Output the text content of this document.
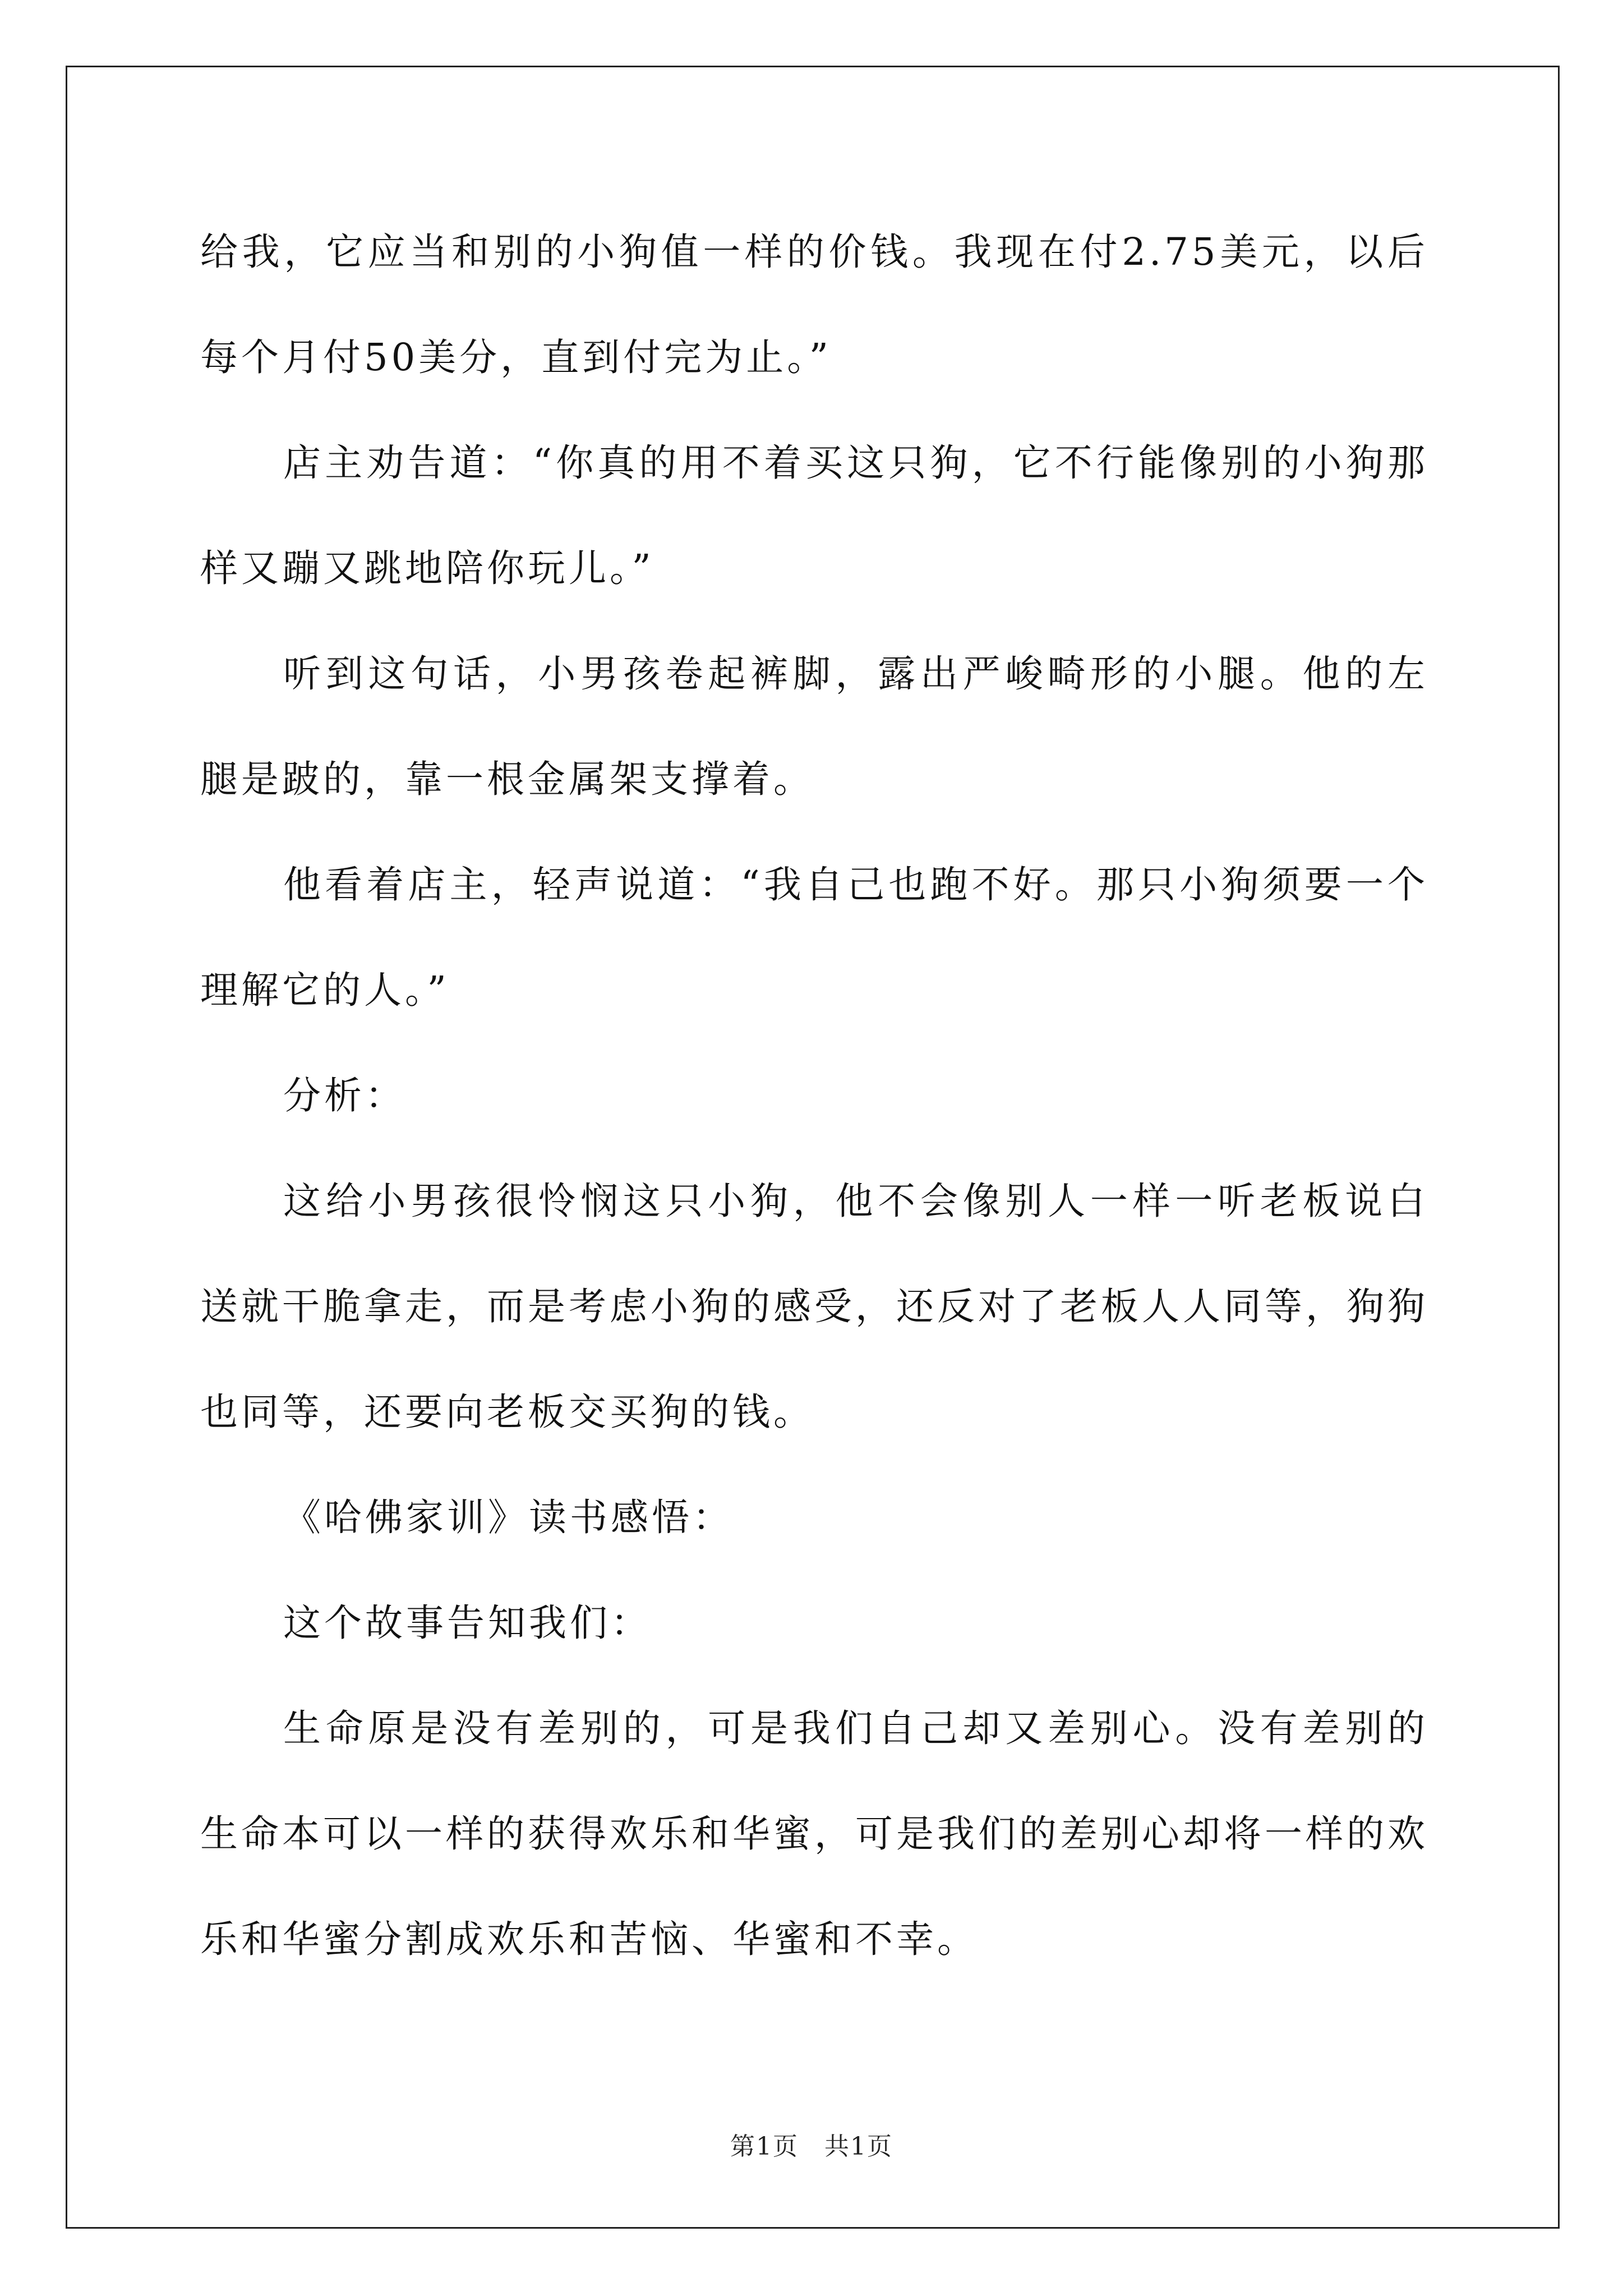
给我，它应当和别的小狗值一样的价钱。我现在付2.75美元，以后每个月付50美分，直到付完为止。”

店主劝告道：“你真的用不着买这只狗，它不行能像别的小狗那样又蹦又跳地陪你玩儿。”

听到这句话，小男孩卷起裤脚，露出严峻畸形的小腿。他的左腿是跛的，靠一根金属架支撑着。

他看着店主，轻声说道：“我自己也跑不好。那只小狗须要一个理解它的人。”

分析：

这给小男孩很怜悯这只小狗，他不会像别人一样一听老板说白送就干脆拿走，而是考虑小狗的感受，还反对了老板人人同等，狗狗也同等，还要向老板交买狗的钱。

《哈佛家训》读书感悟：

这个故事告知我们：

生命原是没有差别的，可是我们自己却又差别心。没有差别的生命本可以一样的获得欢乐和华蜜，可是我们的差别心却将一样的欢乐和华蜜分割成欢乐和苦恼、华蜜和不幸。

第1页　共1页
